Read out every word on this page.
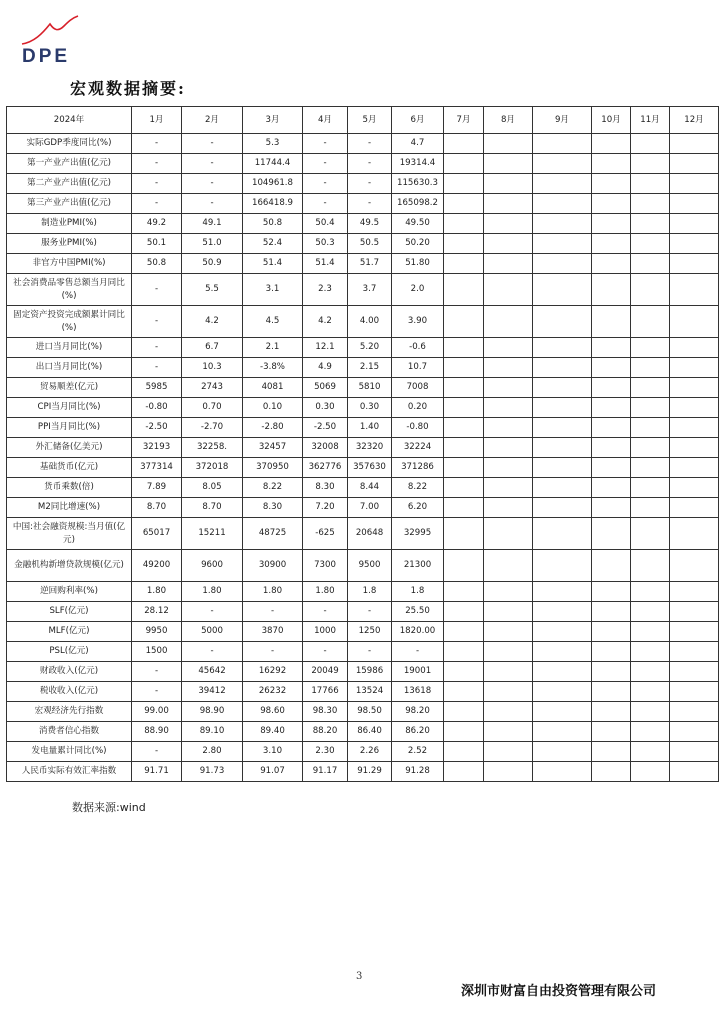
DPE
宏观数据摘要:
2024年	1月	2月	3月	4月	5月	6月	7月	8月	9月	10月	11月	12月
实际GDP季度同比(%)	-	-	5.3	-	-	4.7						
第一产业产出值(亿元)	-	-	11744.4	-	-	19314.4						
第二产业产出值(亿元)	-	-	104961.8	-	-	115630.3						
第三产业产出值(亿元)	-	-	166418.9	-	-	165098.2						
制造业PMI(%)	49.2	49.1	50.8	50.4	49.5	49.50						
服务业PMI(%)	50.1	51.0	52.4	50.3	50.5	50.20						
非官方中国PMI(%)	50.8	50.9	51.4	51.4	51.7	51.80						
社会消费品零售总额当月同比(%)	-	5.5	3.1	2.3	3.7	2.0						
固定资产投资完成额累计同比(%)	-	4.2	4.5	4.2	4.00	3.90						
进口当月同比(%)	-	6.7	2.1	12.1	5.20	-0.6						
出口当月同比(%)	-	10.3	-3.8%	4.9	2.15	10.7						
贸易顺差(亿元)	5985	2743	4081	5069	5810	7008						
CPI当月同比(%)	-0.80	0.70	0.10	0.30	0.30	0.20						
PPI当月同比(%)	-2.50	-2.70	-2.80	-2.50	1.40	-0.80						
外汇储备(亿美元)	32193	32258.	32457	32008	32320	32224						
基础货币(亿元)	377314	372018	370950	362776	357630	371286						
货币乘数(倍)	7.89	8.05	8.22	8.30	8.44	8.22						
M2同比增速(%)	8.70	8.70	8.30	7.20	7.00	6.20						
中国:社会融资规模:当月值(亿元)	65017	15211	48725	-625	20648	32995						
金融机构新增贷款规模(亿元)	49200	9600	30900	7300	9500	21300						
逆回购利率(%)	1.80	1.80	1.80	1.80	1.8	1.8						
SLF(亿元)	28.12	-	-	-	-	25.50						
MLF(亿元)	9950	5000	3870	1000	1250	1820.00						
PSL(亿元)	1500	-	-	-	-	-						
财政收入(亿元)	-	45642	16292	20049	15986	19001						
税收收入(亿元)	-	39412	26232	17766	13524	13618						
宏观经济先行指数	99.00	98.90	98.60	98.30	98.50	98.20						
消费者信心指数	88.90	89.10	89.40	88.20	86.40	86.20						
发电量累计同比(%)	-	2.80	3.10	2.30	2.26	2.52						
人民币实际有效汇率指数	91.71	91.73	91.07	91.17	91.29	91.28						
数据来源:wind
3
深圳市财富自由投资管理有限公司
